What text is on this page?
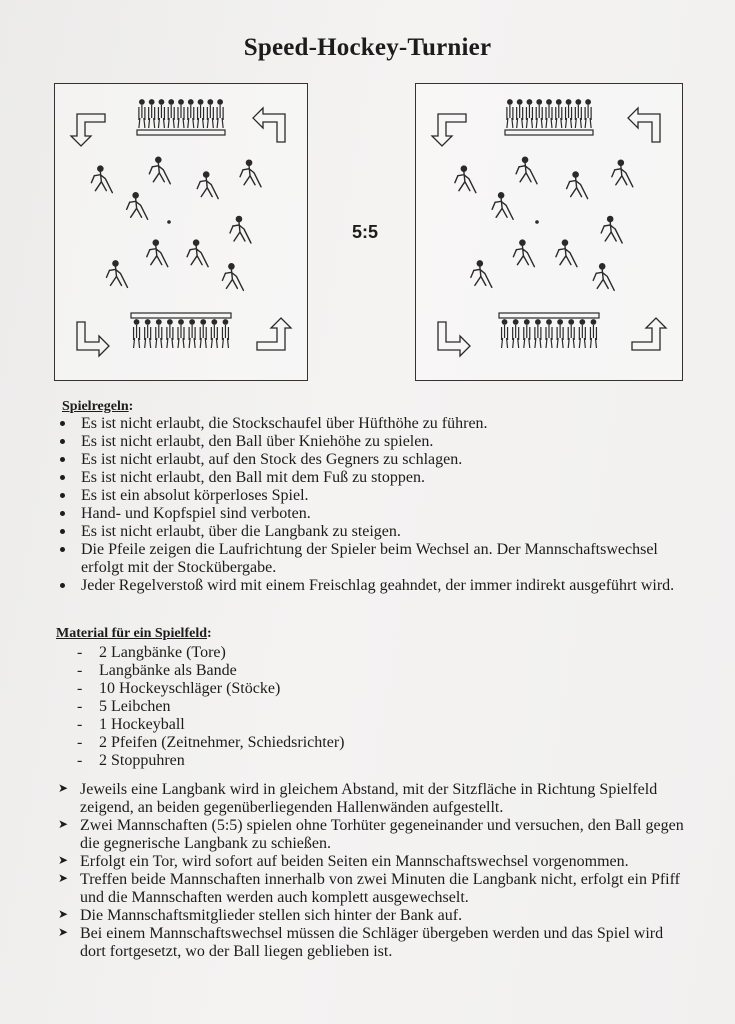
Speed-Hockey-Turnier
5:5
Spielregeln:
Es ist nicht erlaubt, die Stockschaufel über Hüfthöhe zu führen.
Es ist nicht erlaubt, den Ball über Kniehöhe zu spielen.
Es ist nicht erlaubt, auf den Stock des Gegners zu schlagen.
Es ist nicht erlaubt, den Ball mit dem Fuß zu stoppen.
Es ist ein absolut körperloses Spiel.
Hand- und Kopfspiel sind verboten.
Es ist nicht erlaubt, über die Langbank zu steigen.
Die Pfeile zeigen die Laufrichtung der Spieler beim Wechsel an. Der Mannschaftswechsel erfolgt mit der Stockübergabe.
Jeder Regelverstoß wird mit einem Freischlag geahndet, der immer indirekt ausgeführt wird.
Material für ein Spielfeld:
- 2 Langbänke (Tore)
- Langbänke als Bande
- 10 Hockeyschläger (Stöcke)
- 5 Leibchen
- 1 Hockeyball
- 2 Pfeifen (Zeitnehmer, Schiedsrichter)
- 2 Stoppuhren
➤ Jeweils eine Langbank wird in gleichem Abstand, mit der Sitzfläche in Richtung Spielfeld zeigend, an beiden gegenüberliegenden Hallenwänden aufgestellt.
➤ Zwei Mannschaften (5:5) spielen ohne Torhüter gegeneinander und versuchen, den Ball gegen die gegnerische Langbank zu schießen.
➤ Erfolgt ein Tor, wird sofort auf beiden Seiten ein Mannschaftswechsel vorgenommen.
➤ Treffen beide Mannschaften innerhalb von zwei Minuten die Langbank nicht, erfolgt ein Pfiff und die Mannschaften werden auch komplett ausgewechselt.
➤ Die Mannschaftsmitglieder stellen sich hinter der Bank auf.
➤ Bei einem Mannschaftswechsel müssen die Schläger übergeben werden und das Spiel wird dort fortgesetzt, wo der Ball liegen geblieben ist.
